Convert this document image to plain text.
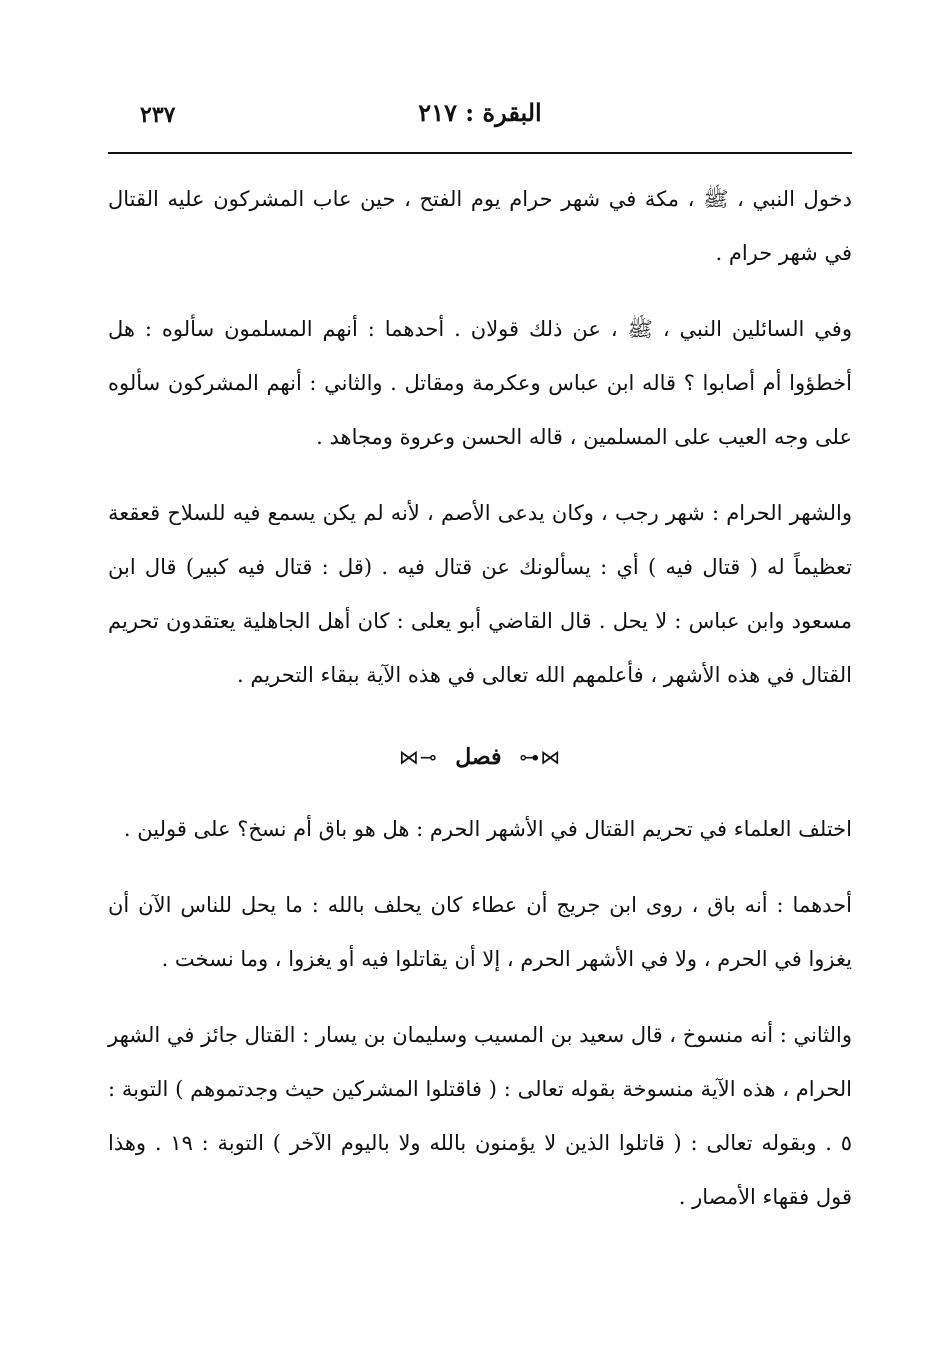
٢٣٧	البقرة : ٢١٧

دخول النبي ، ﷺ ، مكة في شهر حرام يوم الفتح ، حين عاب المشركون عليه القتال في شهر حرام .

وفي السائلين النبي ، ﷺ ، عن ذلك قولان . أحدهما : أنهم المسلمون سألوه : هل أخطؤوا أم أصابوا ؟ قاله ابن عباس وعكرمة ومقاتل . والثاني : أنهم المشركون سألوه على وجه العيب على المسلمين ، قاله الحسن وعروة ومجاهد .

والشهر الحرام : شهر رجب ، وكان يدعى الأصم ، لأنه لم يكن يسمع فيه للسلاح قعقعة تعظيماً له ( قتال فيه ) أي : يسألونك عن قتال فيه . (قل : قتال فيه كبير) قال ابن مسعود وابن عباس : لا يحل . قال القاضي أبو يعلى : كان أهل الجاهلية يعتقدون تحريم القتال في هذه الأشهر ، فأعلمهم الله تعالى في هذه الآية ببقاء التحريم .

⋈⊷ فصل ⊸⋈

اختلف العلماء في تحريم القتال في الأشهر الحرم : هل هو باق أم نسخ؟ على قولين .

أحدهما : أنه باق ، روى ابن جريج أن عطاء كان يحلف بالله : ما يحل للناس الآن أن يغزوا في الحرم ، ولا في الأشهر الحرم ، إلا أن يقاتلوا فيه أو يغزوا ، وما نسخت .

والثاني : أنه منسوخ ، قال سعيد بن المسيب وسليمان بن يسار : القتال جائز في الشهر الحرام ، هذه الآية منسوخة بقوله تعالى : ( فاقتلوا المشركين حيث وجدتموهم ) التوبة : ٥ . وبقوله تعالى : ( قاتلوا الذين لا يؤمنون بالله ولا باليوم الآخر ) التوبة : ١٩ . وهذا قول فقهاء الأمصار .
